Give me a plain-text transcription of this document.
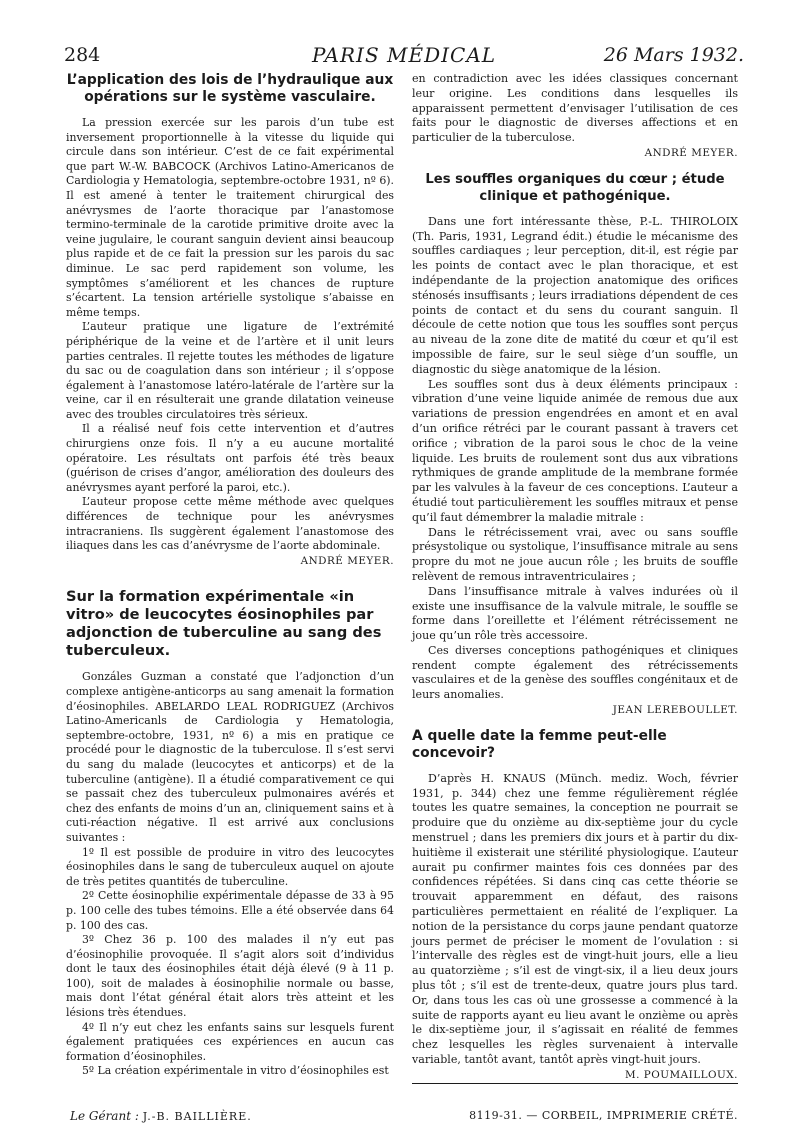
284	PARIS MÉDICAL	26 Mars 1932.
L’application des lois de l’hydraulique aux opérations sur le système vasculaire.

La pression exercée sur les parois d’un tube est inversement proportionnelle à la vitesse du liquide qui circule dans son intérieur. C’est de ce fait expérimental que part W.-W. BABCOCK (Archivos Latino-Americanos de Cardiologia y Hematologia, septembre-octobre 1931, nº 6). Il est amené à tenter le traitement chirurgical des anévrysmes de l’aorte thoracique par l’anastomose termino-terminale de la carotide primitive droite avec la veine jugulaire, le courant sanguin devient ainsi beaucoup plus rapide et de ce fait la pression sur les parois du sac diminue. Le sac perd rapidement son volume, les symptômes s’améliorent et les chances de rupture s’écartent. La tension artérielle systolique s’abaisse en même temps.

L’auteur pratique une ligature de l’extrémité périphérique de la veine et de l’artère et il unit leurs parties centrales. Il rejette toutes les méthodes de ligature du sac ou de coagulation dans son intérieur ; il s’oppose également à l’anastomose latéro-latérale de l’artère sur la veine, car il en résulterait une grande dilatation veineuse avec des troubles circulatoires très sérieux.

Il a réalisé neuf fois cette intervention et d’autres chirurgiens onze fois. Il n’y a eu aucune mortalité opératoire. Les résultats ont parfois été très beaux (guérison de crises d’angor, amélioration des douleurs des anévrysmes ayant perforé la paroi, etc.).

L’auteur propose cette même méthode avec quelques différences de technique pour les anévrysmes intracraniens. Ils suggèrent également l’anastomose des iliaques dans les cas d’anévrysme de l’aorte abdominale.

ANDRÉ MEYER.
Sur la formation expérimentale «in vitro» de leucocytes éosinophiles par adjonction de tuberculine au sang des tuberculeux.

Gonzáles Guzman a constaté que l’adjonction d’un complexe antigène-anticorps au sang amenait la formation d’éosinophiles. ABELARDO LEAL RODRIGUEZ (Archivos Latino-Americanls de Cardiologia y Hematologia, septembre-octobre, 1931, nº 6) a mis en pratique ce procédé pour le diagnostic de la tuberculose. Il s’est servi du sang du malade (leucocytes et anticorps) et de la tuberculine (antigène). Il a étudié comparativement ce qui se passait chez des tuberculeux pulmonaires avérés et chez des enfants de moins d’un an, cliniquement sains et à cuti-réaction négative. Il est arrivé aux conclusions suivantes :

1º Il est possible de produire in vitro des leucocytes éosinophiles dans le sang de tuberculeux auquel on ajoute de très petites quantités de tuberculine.

2º Cette éosinophilie expérimentale dépasse de 33 à 95 p. 100 celle des tubes témoins. Elle a été observée dans 64 p. 100 des cas.

3º Chez 36 p. 100 des malades il n’y eut pas d’éosinophilie provoquée. Il s’agit alors soit d’individus dont le taux des éosinophiles était déjà élevé (9 à 11 p. 100), soit de malades à éosinophilie normale ou basse, mais dont l’état général était alors très atteint et les lésions très étendues.

4º Il n’y eut chez les enfants sains sur lesquels furent également pratiquées ces expériences en aucun cas formation d’éosinophiles.

5º La création expérimentale in vitro d’éosinophiles est

en contradiction avec les idées classiques concernant leur origine. Les conditions dans lesquelles ils apparaissent permettent d’envisager l’utilisation de ces faits pour le diagnostic de diverses affections et en particulier de la tuberculose.

ANDRÉ MEYER.
Les souffles organiques du cœur ; étude clinique et pathogénique.

Dans une fort intéressante thèse, P.-L. THIROLOIX (Th. Paris, 1931, Legrand édit.) étudie le mécanisme des souffles cardiaques ; leur perception, dit-il, est régie par les points de contact avec le plan thoracique, et est indépendante de la projection anatomique des orifices sténosés insuffisants ; leurs irradiations dépendent de ces points de contact et du sens du courant sanguin. Il découle de cette notion que tous les souffles sont perçus au niveau de la zone dite de matité du cœur et qu’il est impossible de faire, sur le seul siège d’un souffle, un diagnostic du siège anatomique de la lésion.

Les souffles sont dus à deux éléments principaux : vibration d’une veine liquide animée de remous due aux variations de pression engendrées en amont et en aval d’un orifice rétréci par le courant passant à travers cet orifice ; vibration de la paroi sous le choc de la veine liquide. Les bruits de roulement sont dus aux vibrations rythmiques de grande amplitude de la membrane formée par les valvules à la faveur de ces conceptions. L’auteur a étudié tout particulièrement les souffles mitraux et pense qu’il faut démembrer la maladie mitrale :

Dans le rétrécissement vrai, avec ou sans souffle présystolique ou systolique, l’insuffisance mitrale au sens propre du mot ne joue aucun rôle ; les bruits de souffle relèvent de remous intraventriculaires ;

Dans l’insuffisance mitrale à valves indurées où il existe une insuffisance de la valvule mitrale, le souffle se forme dans l’oreillette et l’élément rétrécissement ne joue qu’un rôle très accessoire.

Ces diverses conceptions pathogéniques et cliniques rendent compte également des rétrécissements vasculaires et de la genèse des souffles congénitaux et de leurs anomalies.

JEAN LEREBOULLET.
A quelle date la femme peut-elle concevoir?

D’après H. KNAUS (Münch. mediz. Woch, février 1931, p. 344) chez une femme régulièrement réglée toutes les quatre semaines, la conception ne pourrait se produire que du onzième au dix-septième jour du cycle menstruel ; dans les premiers dix jours et à partir du dix-huitième il existerait une stérilité physiologique. L’auteur aurait pu confirmer maintes fois ces données par des confidences répétées. Si dans cinq cas cette théorie se trouvait apparemment en défaut, des raisons particulières permettaient en réalité de l’expliquer. La notion de la persistance du corps jaune pendant quatorze jours permet de préciser le moment de l’ovulation : si l’intervalle des règles est de vingt-huit jours, elle a lieu au quatorzième ; s’il est de vingt-six, il a lieu deux jours plus tôt ; s’il est de trente-deux, quatre jours plus tard. Or, dans tous les cas où une grossesse a commencé à la suite de rapports ayant eu lieu avant le onzième ou après le dix-septième jour, il s’agissait en réalité de femmes chez lesquelles les règles survenaient à intervalle variable, tantôt avant, tantôt après vingt-huit jours.

M. POUMAILLOUX.
Le Gérant : J.-B. BAILLIÈRE.	8119-31. — CORBEIL, IMPRIMERIE CRÉTÉ.
